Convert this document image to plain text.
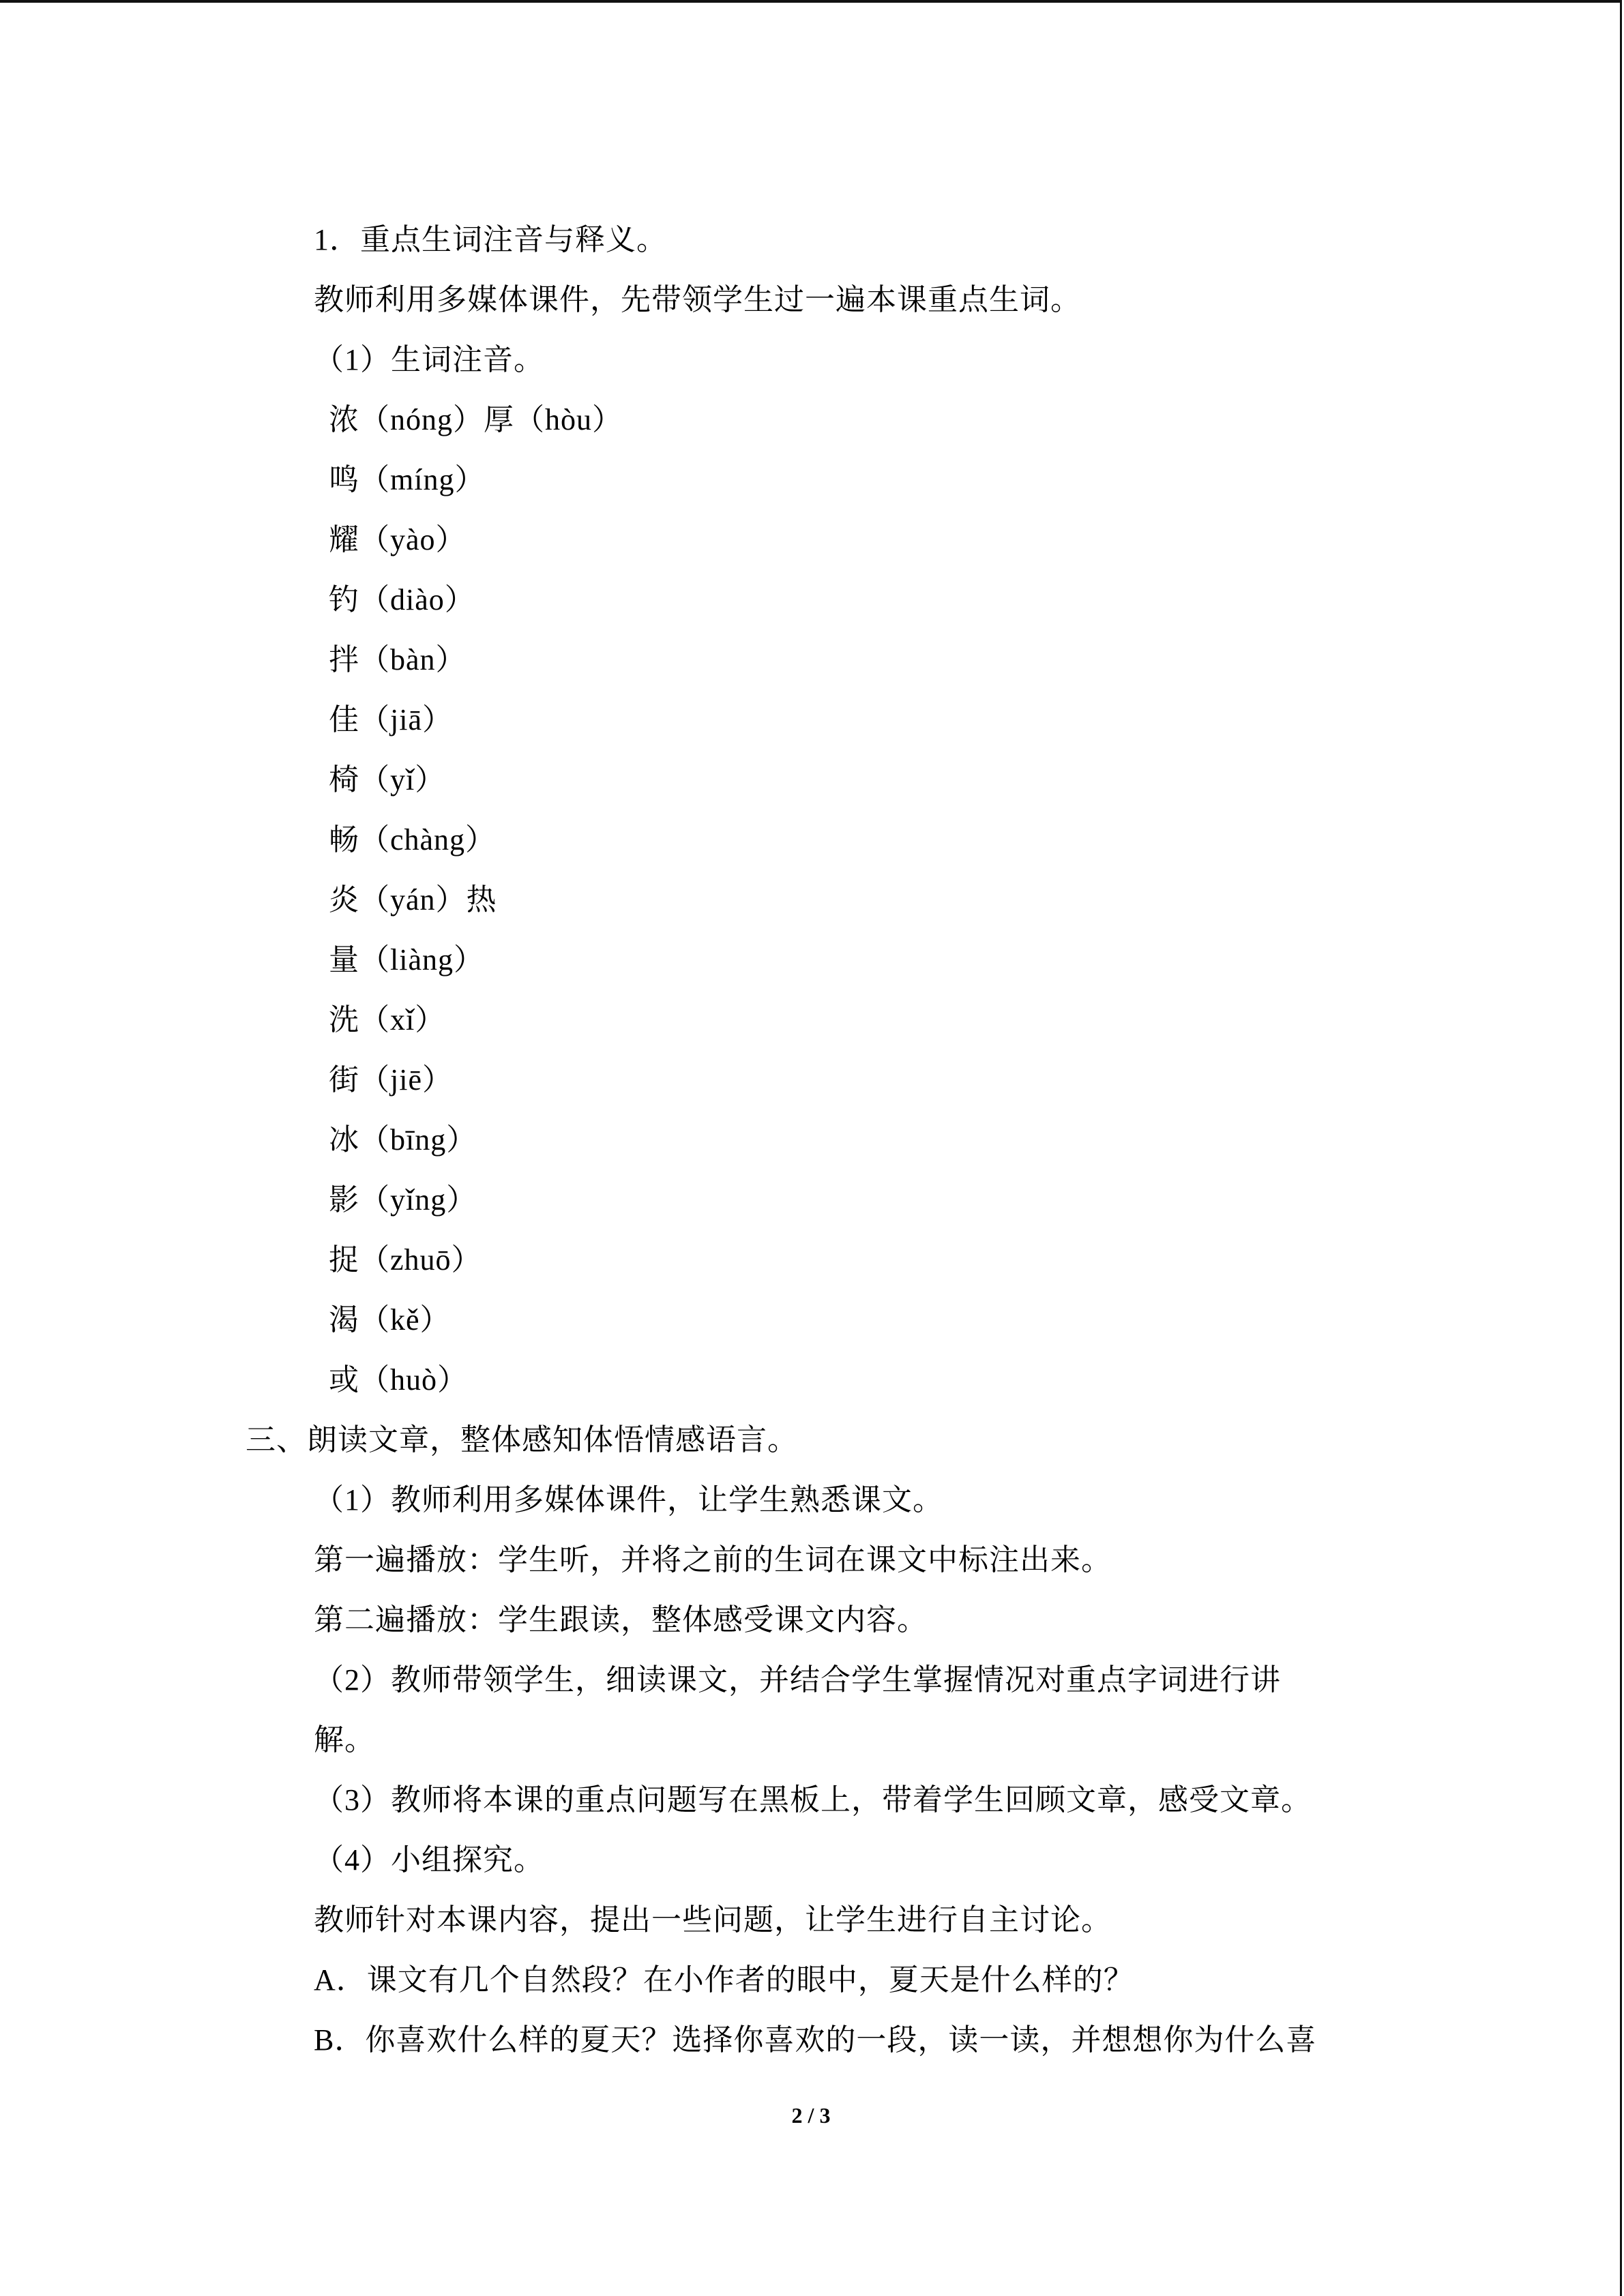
1．重点生词注音与释义。
教师利用多媒体课件，先带领学生过一遍本课重点生词。
（1）生词注音。
浓（nóng）厚（hòu）
鸣（míng）
耀（yào）
钓（diào）
拌（bàn）
佳（jiā）
椅（yǐ）
畅（chàng）
炎（yán）热
量（liàng）
洗（xǐ）
街（jiē）
冰（bīng）
影（yǐng）
捉（zhuō）
渴（kě）
或（huò）
三、朗读文章，整体感知体悟情感语言。
（1）教师利用多媒体课件，让学生熟悉课文。
第一遍播放：学生听，并将之前的生词在课文中标注出来。
第二遍播放：学生跟读，整体感受课文内容。
（2）教师带领学生，细读课文，并结合学生掌握情况对重点字词进行讲
解。
（3）教师将本课的重点问题写在黑板上，带着学生回顾文章，感受文章。
（4）小组探究。
教师针对本课内容，提出一些问题，让学生进行自主讨论。
A．课文有几个自然段？在小作者的眼中，夏天是什么样的？
B．你喜欢什么样的夏天？选择你喜欢的一段，读一读，并想想你为什么喜
2 / 3
